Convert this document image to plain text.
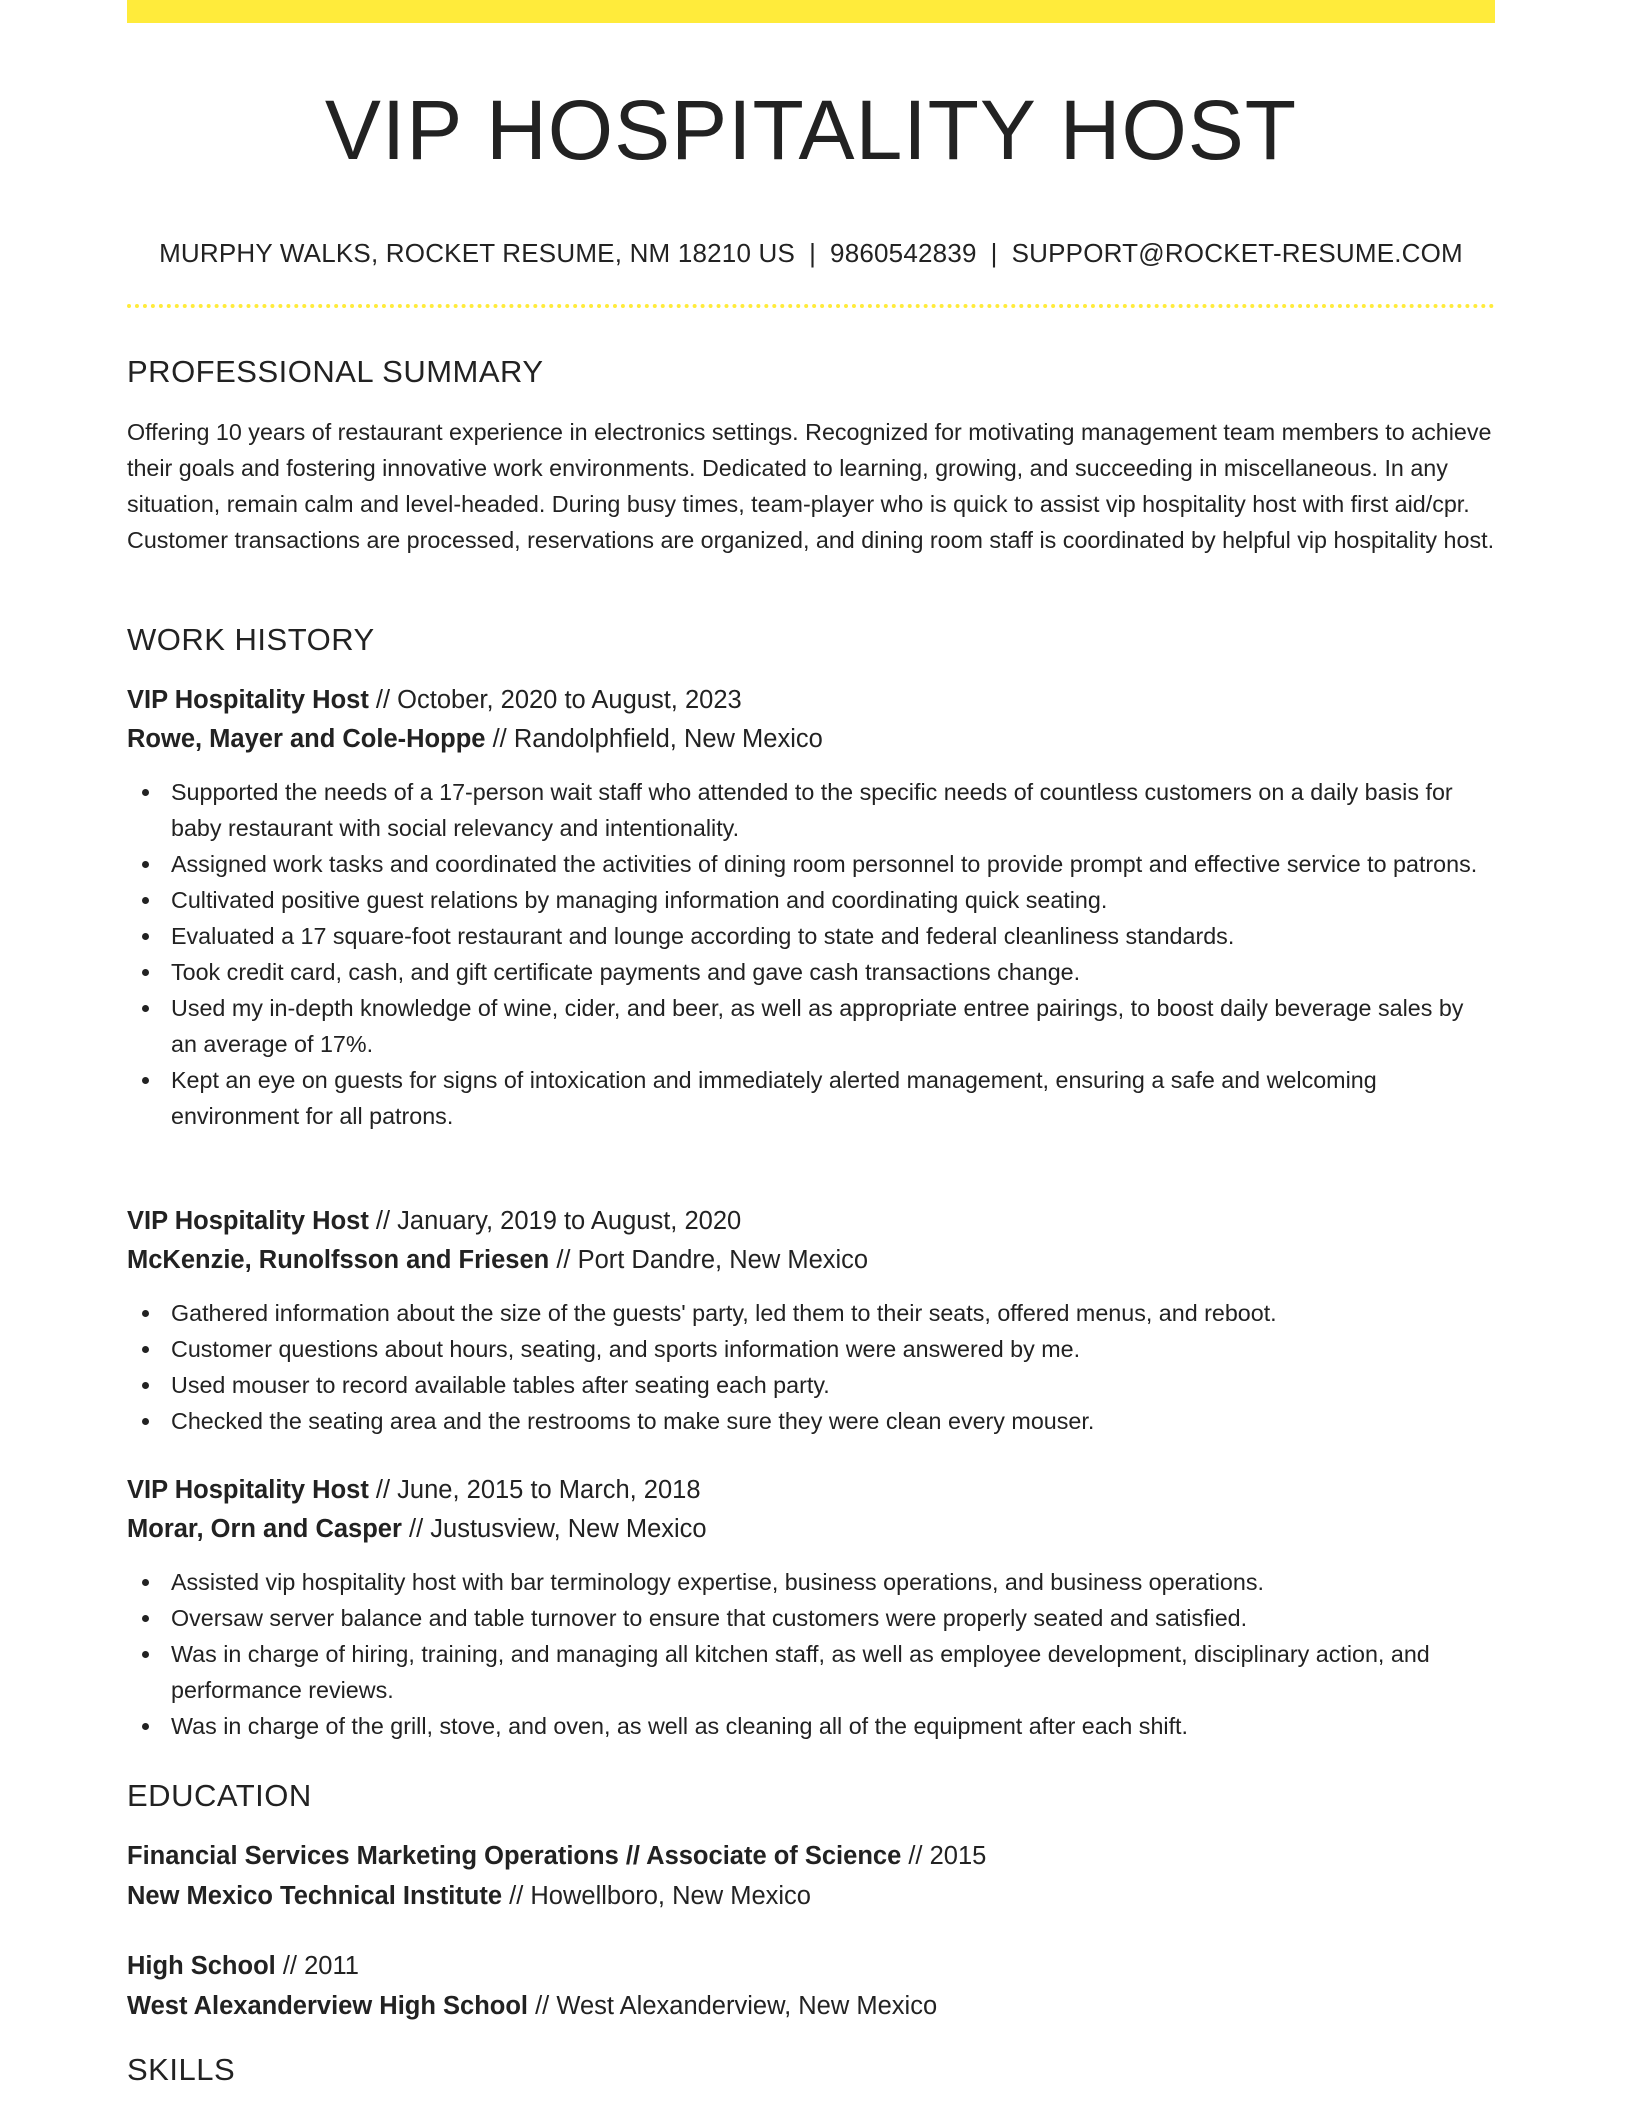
VIP HOSPITALITY HOST
MURPHY WALKS, ROCKET RESUME, NM 18210 US | 9860542839 | SUPPORT@ROCKET-RESUME.COM
PROFESSIONAL SUMMARY

Offering 10 years of restaurant experience in electronics settings. Recognized for motivating management team members to achieve their goals and fostering innovative work environments. Dedicated to learning, growing, and succeeding in miscellaneous. In any situation, remain calm and level-headed. During busy times, team-player who is quick to assist vip hospitality host with first aid/cpr. Customer transactions are processed, reservations are organized, and dining room staff is coordinated by helpful vip hospitality host.

WORK HISTORY
VIP Hospitality Host // October, 2020 to August, 2023
Rowe, Mayer and Cole-Hoppe // Randolphfield, New Mexico
Supported the needs of a 17-person wait staff who attended to the specific needs of countless customers on a daily basis for baby restaurant with social relevancy and intentionality.
Assigned work tasks and coordinated the activities of dining room personnel to provide prompt and effective service to patrons.
Cultivated positive guest relations by managing information and coordinating quick seating.
Evaluated a 17 square-foot restaurant and lounge according to state and federal cleanliness standards.
Took credit card, cash, and gift certificate payments and gave cash transactions change.
Used my in-depth knowledge of wine, cider, and beer, as well as appropriate entree pairings, to boost daily beverage sales by an average of 17%.
Kept an eye on guests for signs of intoxication and immediately alerted management, ensuring a safe and welcoming environment for all patrons.
VIP Hospitality Host // January, 2019 to August, 2020
McKenzie, Runolfsson and Friesen // Port Dandre, New Mexico
Gathered information about the size of the guests' party, led them to their seats, offered menus, and reboot.
Customer questions about hours, seating, and sports information were answered by me.
Used mouser to record available tables after seating each party.
Checked the seating area and the restrooms to make sure they were clean every mouser.
VIP Hospitality Host // June, 2015 to March, 2018
Morar, Orn and Casper // Justusview, New Mexico
Assisted vip hospitality host with bar terminology expertise, business operations, and business operations.
Oversaw server balance and table turnover to ensure that customers were properly seated and satisfied.
Was in charge of hiring, training, and managing all kitchen staff, as well as employee development, disciplinary action, and performance reviews.
Was in charge of the grill, stove, and oven, as well as cleaning all of the equipment after each shift.
EDUCATION
Financial Services Marketing Operations // Associate of Science // 2015
New Mexico Technical Institute // Howellboro, New Mexico
High School // 2011
West Alexanderview High School // West Alexanderview, New Mexico
SKILLS
